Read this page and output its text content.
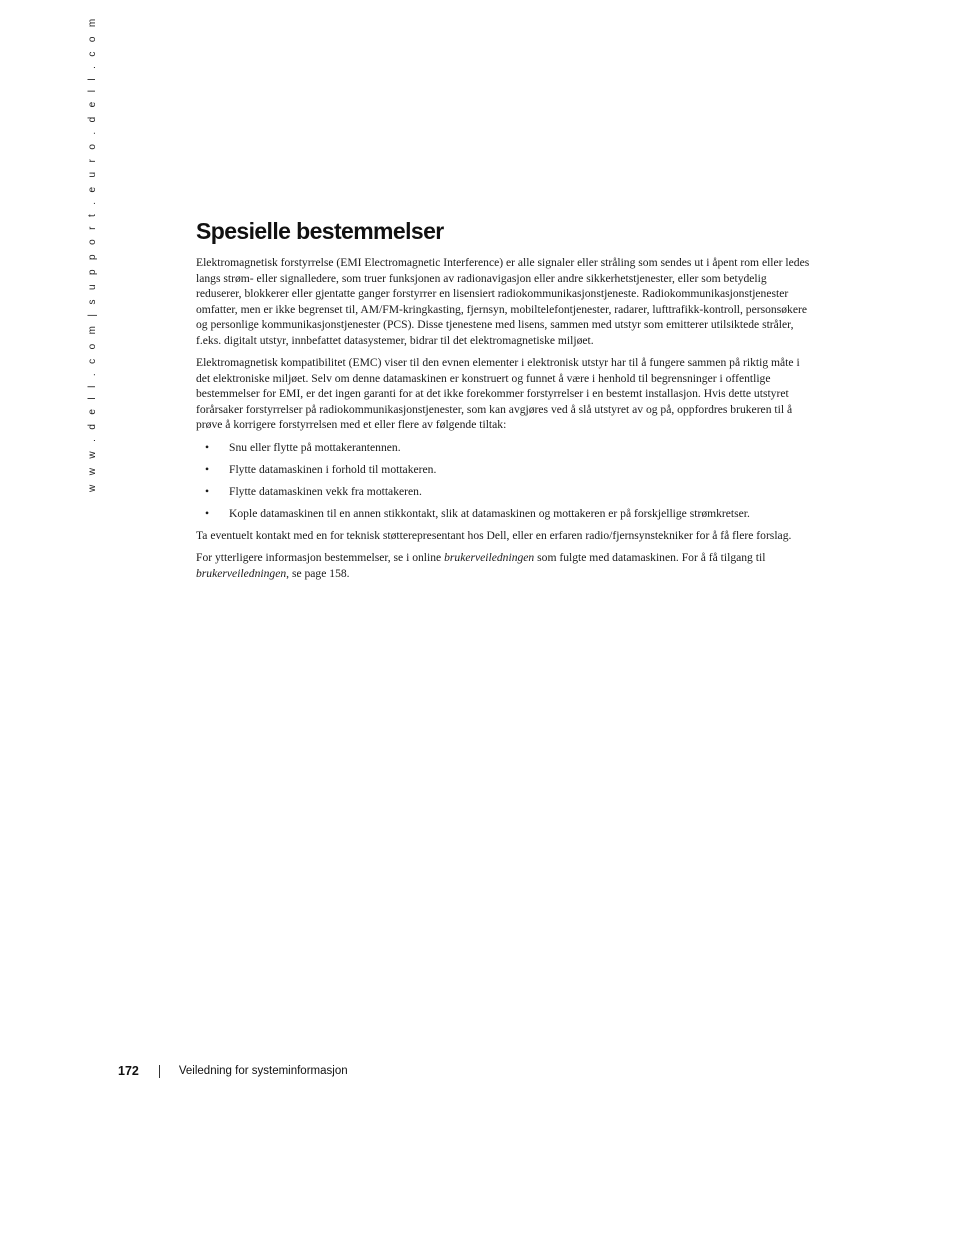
w w w . d e l l . c o m | s u p p o r t . e u r o . d e l l . c o m	Spesielle bestemmelser

Elektromagnetisk forstyrrelse (EMI Electromagnetic Interference) er alle signaler eller stråling som sendes ut i åpent rom eller ledes langs strøm- eller signalledere, som truer funksjonen av radionavigasjon eller andre sikkerhetstjenester, eller som betydelig reduserer, blokkerer eller gjentatte ganger forstyrrer en lisensiert radiokommunikasjonstjeneste. Radiokommunikasjonstjenester omfatter, men er ikke begrenset til, AM/FM-kringkasting, fjernsyn, mobiltelefontjenester, radarer, lufttrafikk-kontroll, personsøkere og personlige kommunikasjonstjenester (PCS). Disse tjenestene med lisens, sammen med utstyr som emitterer utilsiktede stråler, f.eks. digitalt utstyr, innbefattet datasystemer, bidrar til det elektromagnetiske miljøet.

Elektromagnetisk kompatibilitet (EMC) viser til den evnen elementer i elektronisk utstyr har til å fungere sammen på riktig måte i det elektroniske miljøet. Selv om denne datamaskinen er konstruert og funnet å være i henhold til begrensninger i offentlige bestemmelser for EMI, er det ingen garanti for at det ikke forekommer forstyrrelser i en bestemt installasjon. Hvis dette utstyret forårsaker forstyrrelser på radiokommunikasjonstjenester, som kan avgjøres ved å slå utstyret av og på, oppfordres brukeren til å prøve å korrigere forstyrrelsen med et eller flere av følgende tiltak:

• Snu eller flytte på mottakerantennen.
• Flytte datamaskinen i forhold til mottakeren.
• Flytte datamaskinen vekk fra mottakeren.
• Kople datamaskinen til en annen stikkontakt, slik at datamaskinen og mottakeren er på forskjellige strømkretser.

Ta eventuelt kontakt med en for teknisk støtterepresentant hos Dell, eller en erfaren radio/fjernsynstekniker for å få flere forslag.

For ytterligere informasjon bestemmelser, se i online brukerveiledningen som fulgte med datamaskinen. For å få tilgang til brukerveiledningen, se page 158.

172	Veiledning for systeminformasjon
